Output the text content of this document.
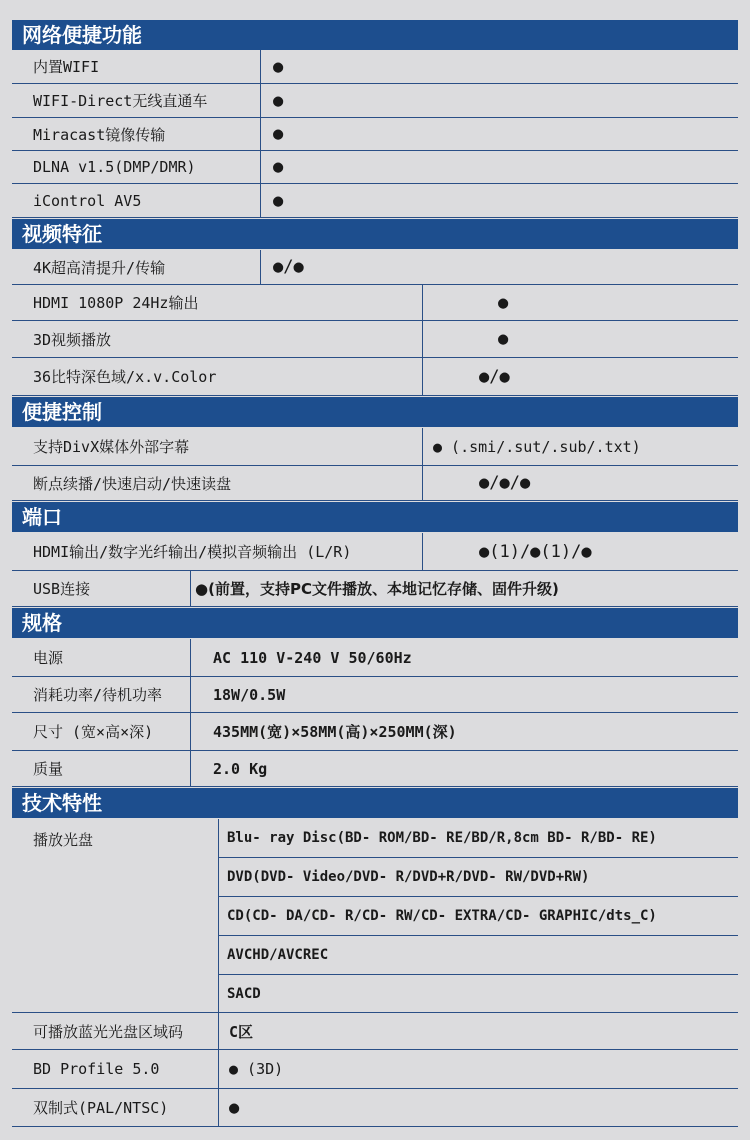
网络便捷功能
内置WIFI	●
WIFI-Direct无线直通车	●
Miracast镜像传输	●
DLNA v1.5(DMP/DMR)	●
iControl AV5	●
视频特征
4K超高清提升/传输	●/●
HDMI 1080P 24Hz输出	●
3D视频播放	●
36比特深色域/x.v.Color	●/●
便捷控制
支持DivX媒体外部字幕	● (.smi/.sut/.sub/.txt)
断点续播/快速启动/快速读盘	●/●/●
端口
HDMI输出/数字光纤输出/模拟音频输出 (L/R)	●(1)/●(1)/●
USB连接	●(前置，支持PC文件播放、本地记忆存储、固件升级)
规格
电源	AC 110 V-240 V 50/60Hz
消耗功率/待机功率	18W/0.5W
尺寸 (宽×高×深)	435MM(宽)×58MM(高)×250MM(深)
质量	2.0 Kg
技术特性
播放光盘	Blu- ray Disc(BD- ROM/BD- RE/BD/R,8cm BD- R/BD- RE)
DVD(DVD- Video/DVD- R/DVD+R/DVD- RW/DVD+RW)
CD(CD- DA/CD- R/CD- RW/CD- EXTRA/CD- GRAPHIC/dts_C)
AVCHD/AVCREC
SACD
可播放蓝光光盘区域码	C区
BD Profile 5.0	● (3D)
双制式(PAL/NTSC)	●
